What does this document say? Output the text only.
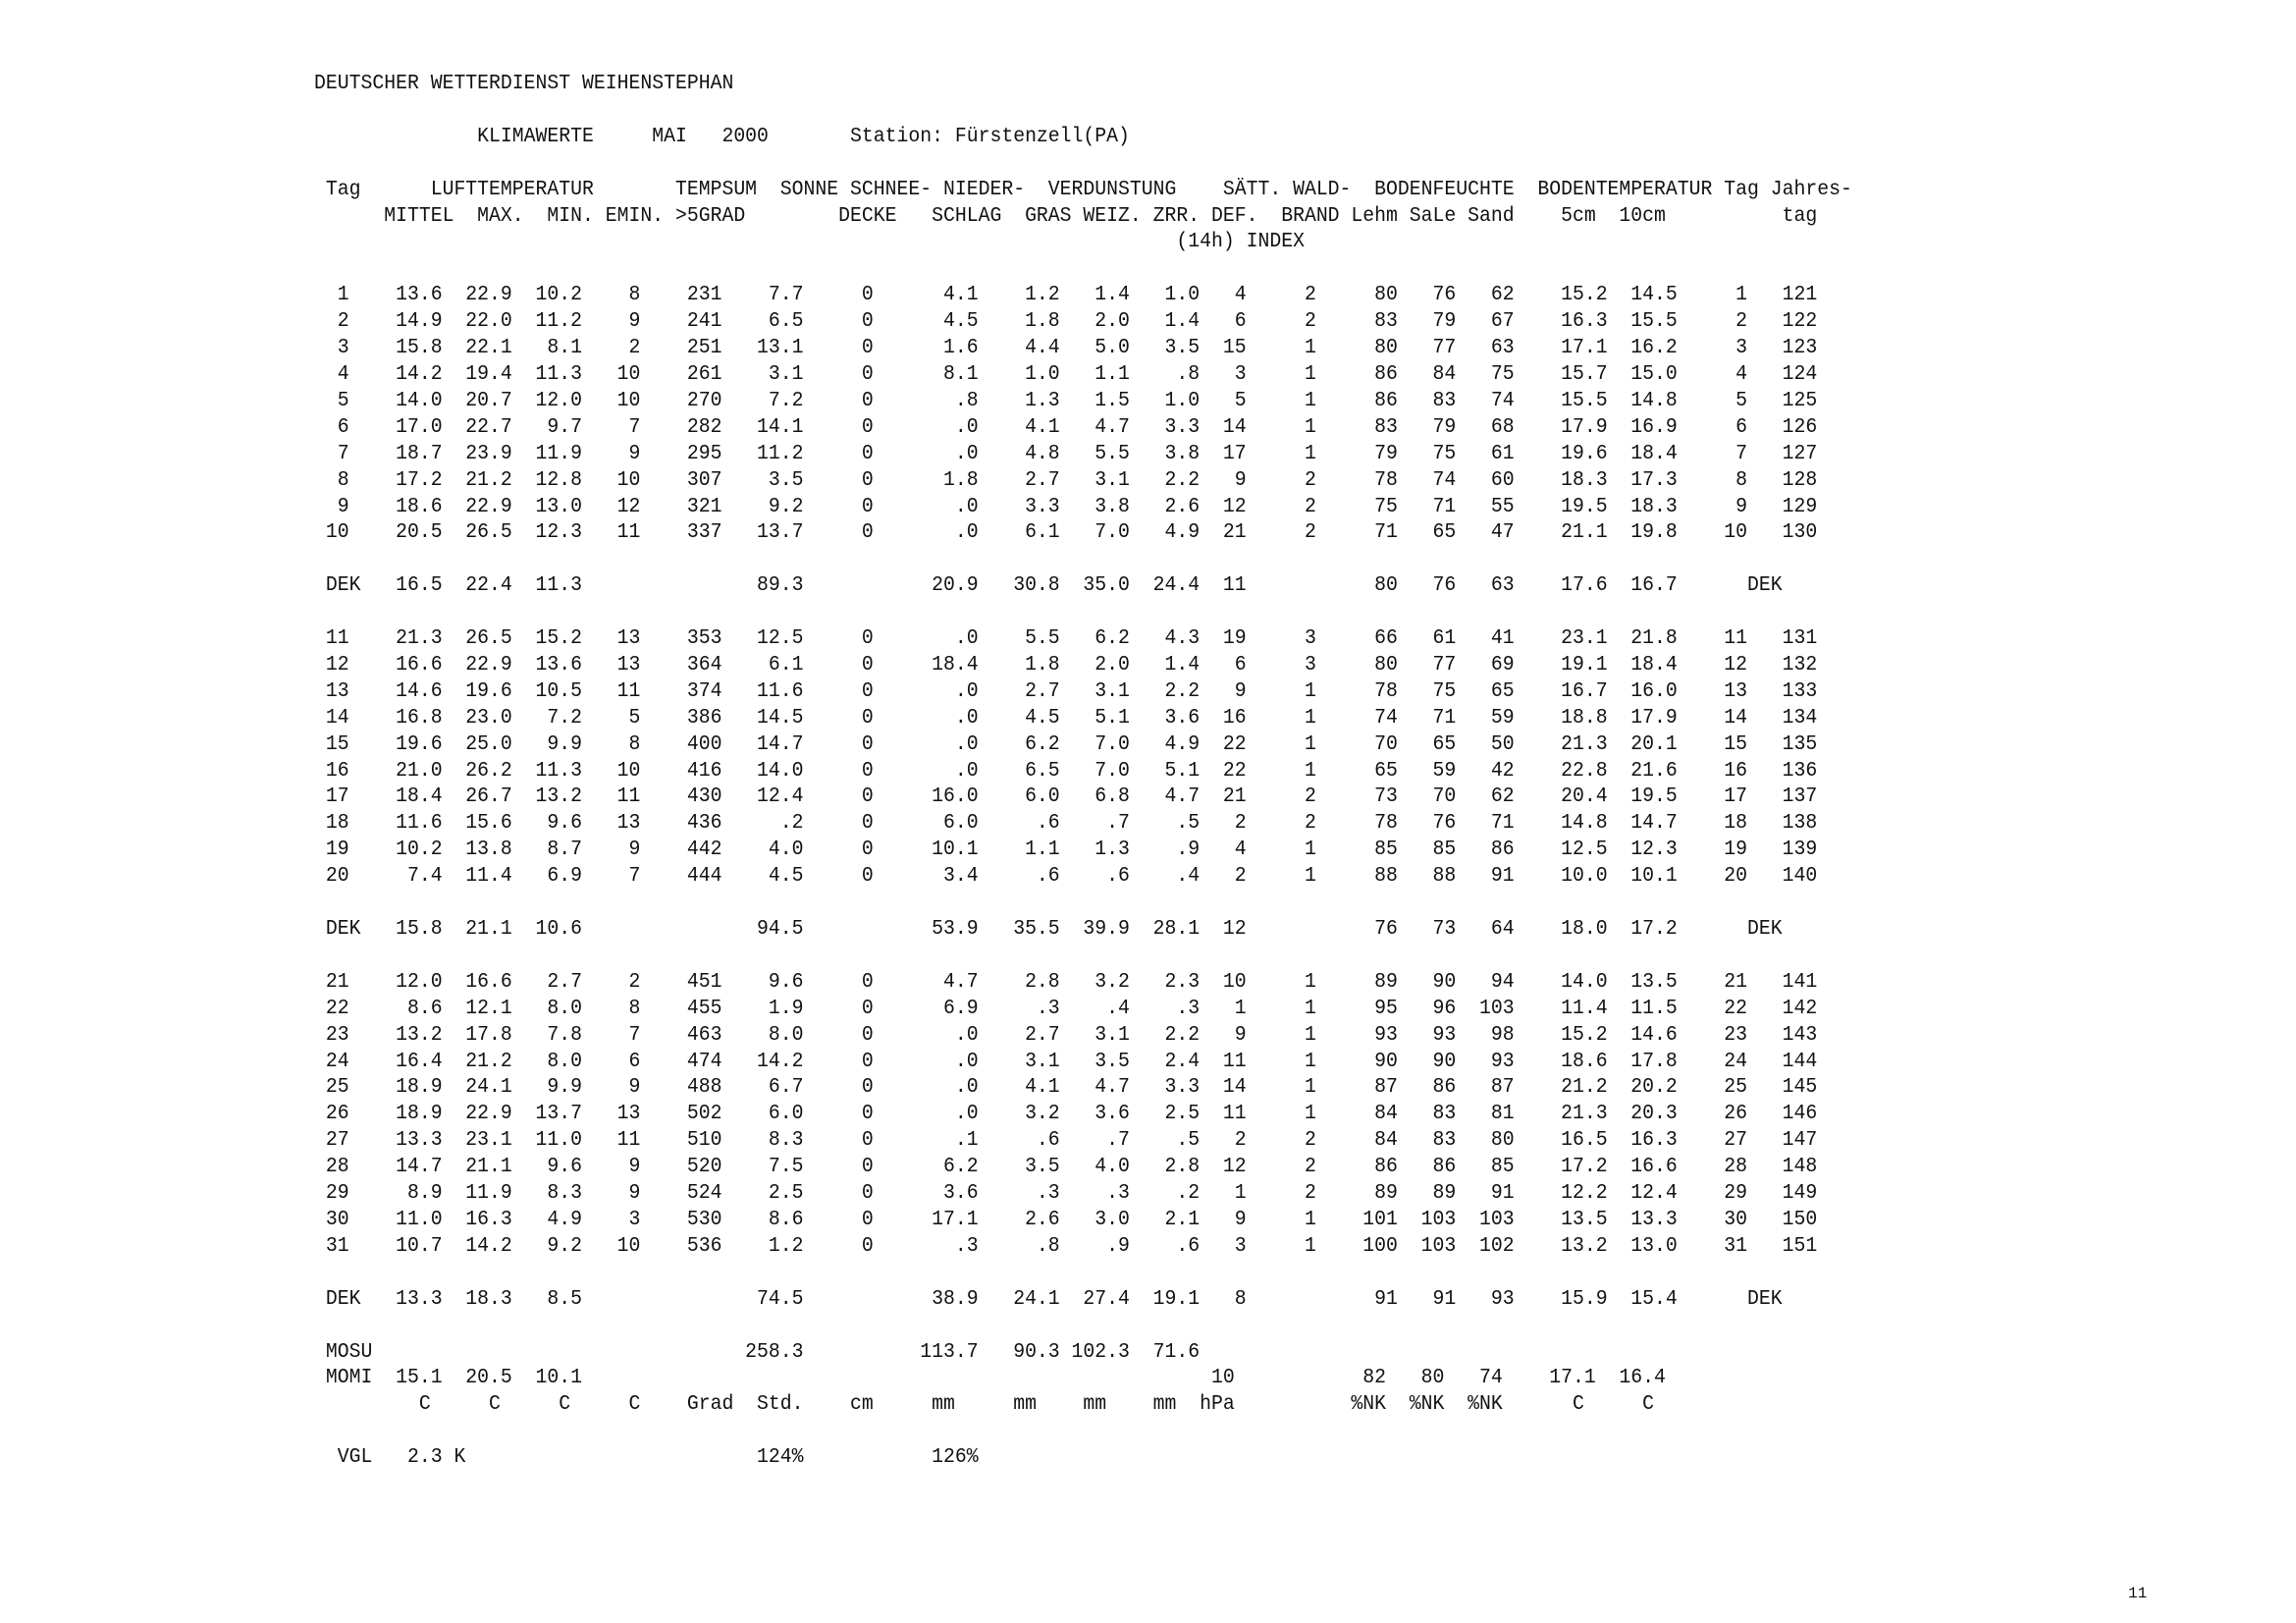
DEUTSCHER WETTERDIENST WEIHENSTEPHAN

KLIMAWERTE     MAI   2000       Station: Fürstenzell(PA)

Tag      LUFTTEMPERATUR       TEMPSUM  SONNE SCHNEE- NIEDER-  VERDUNSTUNG    SÄTT. WALD-  BODENFEUCHTE  BODENTEMPERATUR Tag Jahres-
MITTEL  MAX.  MIN. EMIN. >5GRAD        DECKE   SCHLAG  GRAS WEIZ. ZRR. DEF.  BRAND Lehm SaLe Sand    5cm  10cm          tag
(14h) INDEX

1    13.6  22.9  10.2    8    231    7.7     0      4.1    1.2   1.4   1.0   4     2     80   76   62    15.2  14.5     1   121
2    14.9  22.0  11.2    9    241    6.5     0      4.5    1.8   2.0   1.4   6     2     83   79   67    16.3  15.5     2   122
3    15.8  22.1   8.1    2    251   13.1     0      1.6    4.4   5.0   3.5  15     1     80   77   63    17.1  16.2     3   123
4    14.2  19.4  11.3   10    261    3.1     0      8.1    1.0   1.1    .8   3     1     86   84   75    15.7  15.0     4   124
5    14.0  20.7  12.0   10    270    7.2     0       .8    1.3   1.5   1.0   5     1     86   83   74    15.5  14.8     5   125
6    17.0  22.7   9.7    7    282   14.1     0       .0    4.1   4.7   3.3  14     1     83   79   68    17.9  16.9     6   126
7    18.7  23.9  11.9    9    295   11.2     0       .0    4.8   5.5   3.8  17     1     79   75   61    19.6  18.4     7   127
8    17.2  21.2  12.8   10    307    3.5     0      1.8    2.7   3.1   2.2   9     2     78   74   60    18.3  17.3     8   128
9    18.6  22.9  13.0   12    321    9.2     0       .0    3.3   3.8   2.6  12     2     75   71   55    19.5  18.3     9   129
10    20.5  26.5  12.3   11    337   13.7     0       .0    6.1   7.0   4.9  21     2     71   65   47    21.1  19.8    10   130

DEK   16.5  22.4  11.3               89.3           20.9   30.8  35.0  24.4  11           80   76   63    17.6  16.7      DEK

11    21.3  26.5  15.2   13    353   12.5     0       .0    5.5   6.2   4.3  19     3     66   61   41    23.1  21.8    11   131
12    16.6  22.9  13.6   13    364    6.1     0     18.4    1.8   2.0   1.4   6     3     80   77   69    19.1  18.4    12   132
13    14.6  19.6  10.5   11    374   11.6     0       .0    2.7   3.1   2.2   9     1     78   75   65    16.7  16.0    13   133
14    16.8  23.0   7.2    5    386   14.5     0       .0    4.5   5.1   3.6  16     1     74   71   59    18.8  17.9    14   134
15    19.6  25.0   9.9    8    400   14.7     0       .0    6.2   7.0   4.9  22     1     70   65   50    21.3  20.1    15   135
16    21.0  26.2  11.3   10    416   14.0     0       .0    6.5   7.0   5.1  22     1     65   59   42    22.8  21.6    16   136
17    18.4  26.7  13.2   11    430   12.4     0     16.0    6.0   6.8   4.7  21     2     73   70   62    20.4  19.5    17   137
18    11.6  15.6   9.6   13    436     .2     0      6.0     .6    .7    .5   2     2     78   76   71    14.8  14.7    18   138
19    10.2  13.8   8.7    9    442    4.0     0     10.1    1.1   1.3    .9   4     1     85   85   86    12.5  12.3    19   139
20     7.4  11.4   6.9    7    444    4.5     0      3.4     .6    .6    .4   2     1     88   88   91    10.0  10.1    20   140

DEK   15.8  21.1  10.6               94.5           53.9   35.5  39.9  28.1  12           76   73   64    18.0  17.2      DEK

21    12.0  16.6   2.7    2    451    9.6     0      4.7    2.8   3.2   2.3  10     1     89   90   94    14.0  13.5    21   141
22     8.6  12.1   8.0    8    455    1.9     0      6.9     .3    .4    .3   1     1     95   96  103    11.4  11.5    22   142
23    13.2  17.8   7.8    7    463    8.0     0       .0    2.7   3.1   2.2   9     1     93   93   98    15.2  14.6    23   143
24    16.4  21.2   8.0    6    474   14.2     0       .0    3.1   3.5   2.4  11     1     90   90   93    18.6  17.8    24   144
25    18.9  24.1   9.9    9    488    6.7     0       .0    4.1   4.7   3.3  14     1     87   86   87    21.2  20.2    25   145
26    18.9  22.9  13.7   13    502    6.0     0       .0    3.2   3.6   2.5  11     1     84   83   81    21.3  20.3    26   146
27    13.3  23.1  11.0   11    510    8.3     0       .1     .6    .7    .5   2     2     84   83   80    16.5  16.3    27   147
28    14.7  21.1   9.6    9    520    7.5     0      6.2    3.5   4.0   2.8  12     2     86   86   85    17.2  16.6    28   148
29     8.9  11.9   8.3    9    524    2.5     0      3.6     .3    .3    .2   1     2     89   89   91    12.2  12.4    29   149
30    11.0  16.3   4.9    3    530    8.6     0     17.1    2.6   3.0   2.1   9     1    101  103  103    13.5  13.3    30   150
31    10.7  14.2   9.2   10    536    1.2     0       .3     .8    .9    .6   3     1    100  103  102    13.2  13.0    31   151

DEK   13.3  18.3   8.5               74.5           38.9   24.1  27.4  19.1   8           91   91   93    15.9  15.4      DEK

MOSU                                258.3          113.7   90.3 102.3  71.6
MOMI  15.1  20.5  10.1                                                      10           82   80   74    17.1  16.4
C     C     C     C    Grad  Std.    cm     mm     mm    mm    mm  hPa          %NK  %NK  %NK      C     C

VGL   2.3 K                         124%           126%

11
